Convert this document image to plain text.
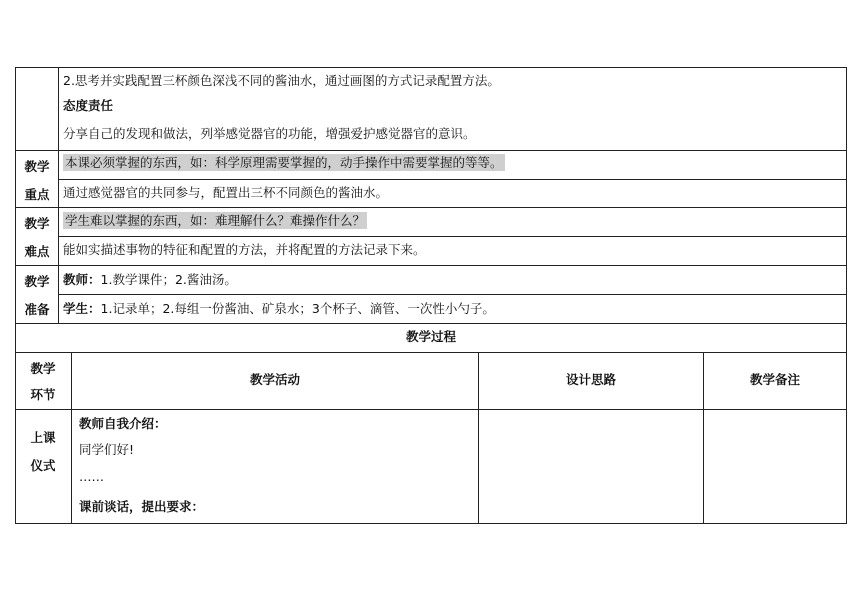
2.思考并实践配置三杯颜色深浅不同的酱油水，通过画图的方式记录配置方法。
态度责任
分享自己的发现和做法，列举感觉器官的功能，增强爱护感觉器官的意识。
教学
重点
本课必须掌握的东西，如：科学原理需要掌握的，动手操作中需要掌握的等等。
通过感觉器官的共同参与，配置出三杯不同颜色的酱油水。
教学
难点
学生难以掌握的东西，如：难理解什么？难操作什么？
能如实描述事物的特征和配置的方法，并将配置的方法记录下来。
教学
准备
教师：1.教学课件；2.酱油汤。
学生：1.记录单；2.每组一份酱油、矿泉水；3个杯子、滴管、一次性小勺子。
教学过程
教学
环节
教学活动	设计思路	教学备注
上课
仪式
教师自我介绍：
同学们好!
……
课前谈话，提出要求：
